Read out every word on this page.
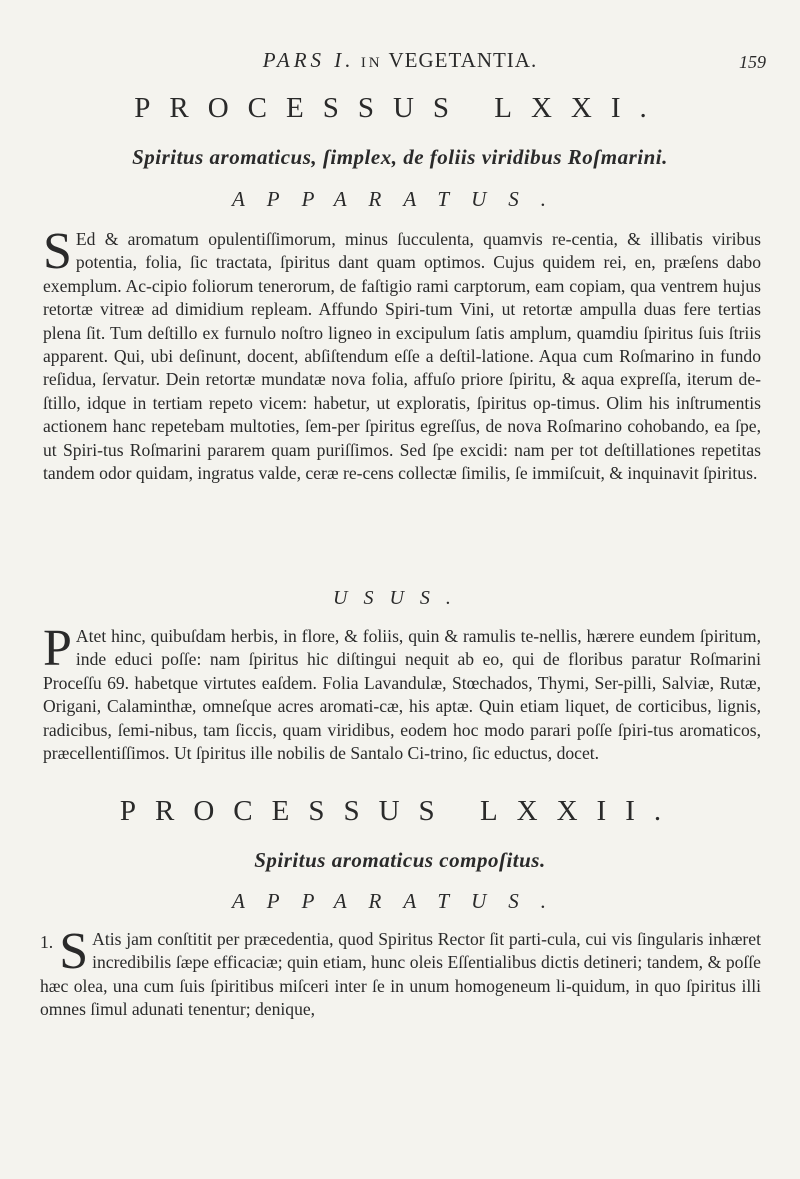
PARS I. IN VEGETANTIA.	159
PROCESSUS LXXI.
Spiritus aromaticus, ſimplex, de foliis viridibus Roſmarini.
APPARATUS.
S Ed & aromatum opulentiſſimorum, minus ſucculenta, quamvis re-centia, & illibatis viribus potentia, folia, ſic tractata, ſpiritus dant quam optimos. Cujus quidem rei, en, præſens dabo exemplum. Ac-cipio foliorum tenerorum, de faſtigio rami carptorum, eam copiam, qua ventrem hujus retortæ vitreæ ad dimidium repleam. Affundo Spiri-tum Vini, ut retortæ ampulla duas fere tertias plena ſit. Tum deſtillo ex furnulo noſtro ligneo in excipulum ſatis amplum, quamdiu ſpiritus ſuis ſtriis apparent. Qui, ubi deſinunt, docent, abſiſtendum eſſe a deſtil-latione. Aqua cum Roſmarino in fundo reſidua, ſervatur. Dein retortæ mundatæ nova folia, affuſo priore ſpiritu, & aqua expreſſa, iterum de-ſtillo, idque in tertiam repeto vicem: habetur, ut exploratis, ſpiritus op-timus. Olim his inſtrumentis actionem hanc repetebam multoties, ſem-per ſpiritus egreſſus, de nova Roſmarino cohobando, ea ſpe, ut Spiri-tus Roſmarini pararem quam puriſſimos. Sed ſpe excidi: nam per tot deſtillationes repetitas tandem odor quidam, ingratus valde, ceræ re-cens collectæ ſimilis, ſe immiſcuit, & inquinavit ſpiritus.
USUS.
P Atet hinc, quibuſdam herbis, in flore, & foliis, quin & ramulis te-nellis, hærere eundem ſpiritum, inde educi poſſe: nam ſpiritus hic diſtingui nequit ab eo, qui de floribus paratur Roſmarini Proceſſu 69. habetque virtutes eaſdem. Folia Lavandulæ, Stœchados, Thymi, Ser-pilli, Salviæ, Rutæ, Origani, Calaminthæ, omneſque acres aromati-cæ, his aptæ. Quin etiam liquet, de corticibus, lignis, radicibus, ſemi-nibus, tam ſiccis, quam viridibus, eodem hoc modo parari poſſe ſpiri-tus aromaticos, præcellentiſſimos. Ut ſpiritus ille nobilis de Santalo Ci-trino, ſic eductus, docet.
PROCESSUS LXXII.
Spiritus aromaticus compoſitus.
APPARATUS.
1. S Atis jam conſtitit per præcedentia, quod Spiritus Rector ſit parti-cula, cui vis ſingularis inhæret incredibilis ſæpe efficaciæ; quin etiam, hunc oleis Eſſentialibus dictis detineri; tandem, & poſſe hæc olea, una cum ſuis ſpiritibus miſceri inter ſe in unum homogeneum li-quidum, in quo ſpiritus illi omnes ſimul adunati tenentur; denique,
